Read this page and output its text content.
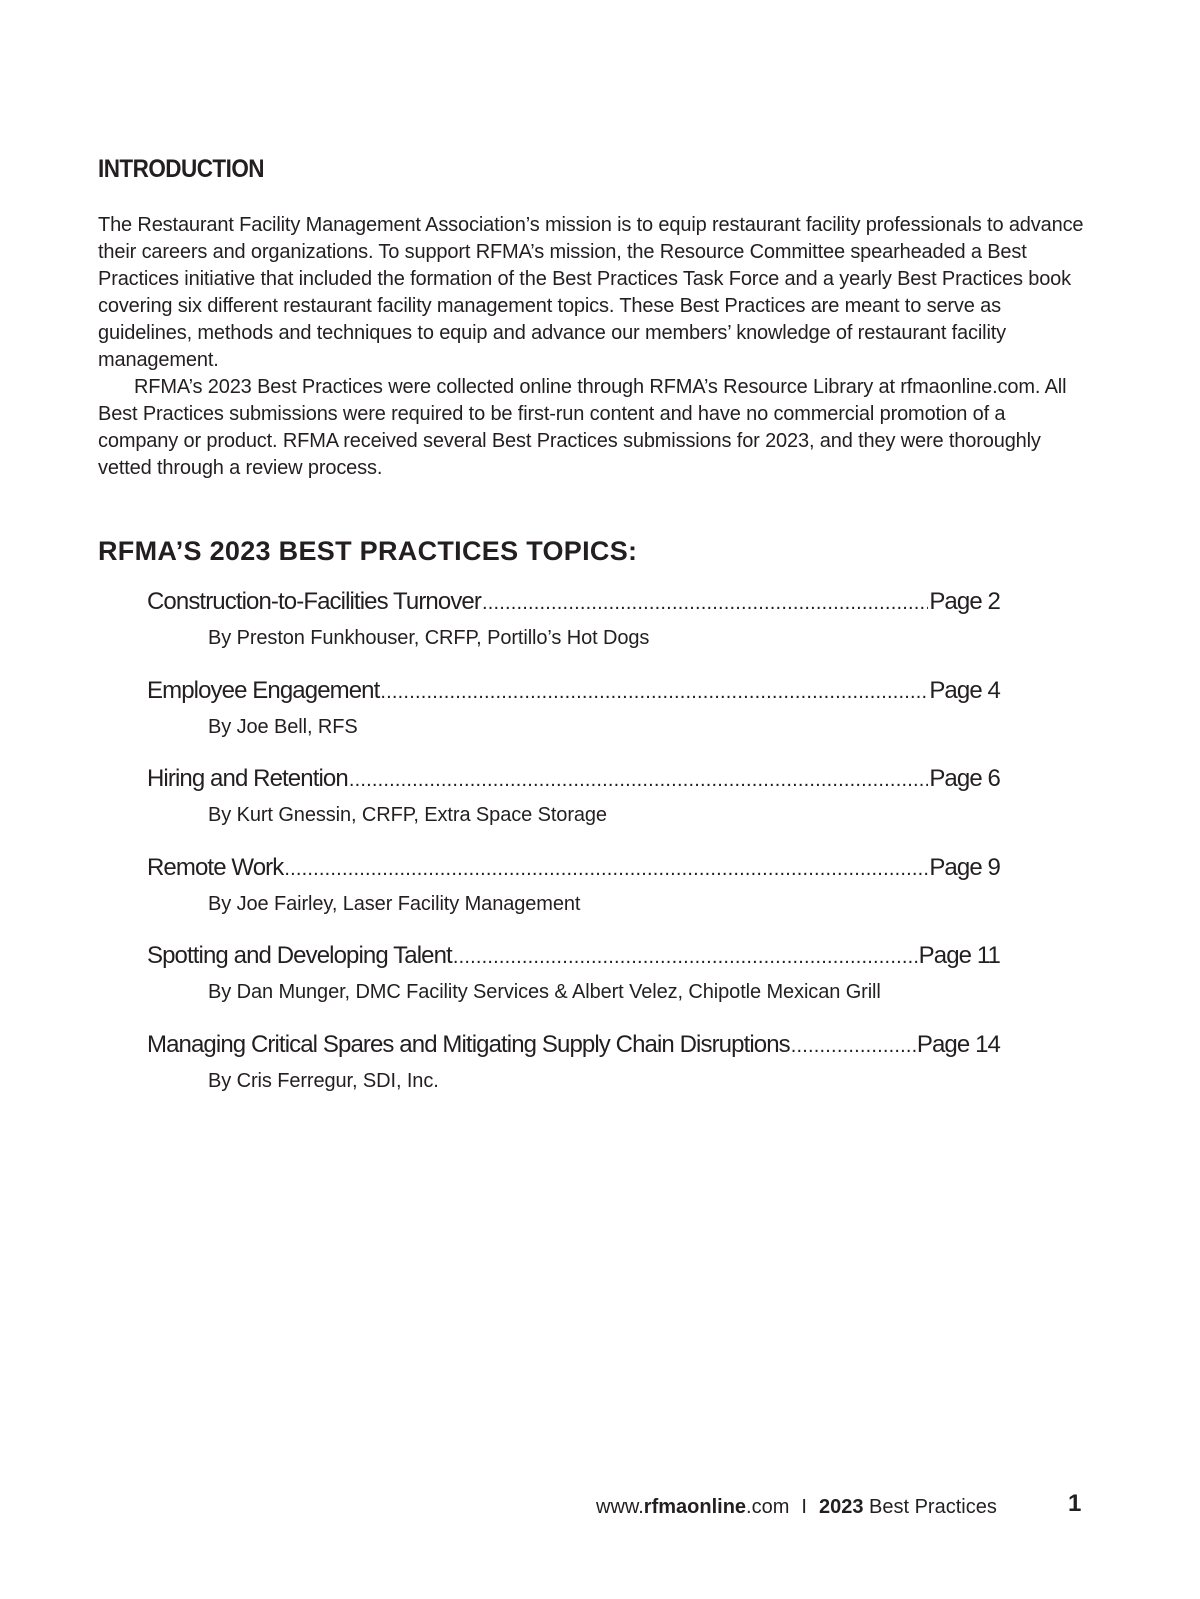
INTRODUCTION

The Restaurant Facility Management Association’s mission is to equip restaurant facility professionals to advance their careers and organizations. To support RFMA’s mission, the Resource Committee spearheaded a Best Practices initiative that included the formation of the Best Practices Task Force and a yearly Best Practices book covering six different restaurant facility management topics. These Best Practices are meant to serve as guidelines, methods and techniques to equip and advance our members’ knowledge of restaurant facility management.

RFMA’s 2023 Best Practices were collected online through RFMA’s Resource Library at rfmaonline.com. All Best Practices submissions were required to be first-run content and have no commercial promotion of a company or product. RFMA received several Best Practices submissions for 2023, and they were thoroughly vetted through a review process.

RFMA’S 2023 BEST PRACTICES TOPICS:
Construction-to-Facilities Turnover .....	Page 2
By Preston Funkhouser, CRFP, Portillo’s Hot Dogs
Employee Engagement .....	Page 4
By Joe Bell, RFS
Hiring and Retention .....	Page 6
By Kurt Gnessin, CRFP, Extra Space Storage
Remote Work .....	Page 9
By Joe Fairley, Laser Facility Management
Spotting and Developing Talent .....	Page 11
By Dan Munger, DMC Facility Services & Albert Velez, Chipotle Mexican Grill
Managing Critical Spares and Mitigating Supply Chain Disruptions .....	Page 14
By Cris Ferregur, SDI, Inc.
www.rfmaonline.com I 2023 Best Practices	1
